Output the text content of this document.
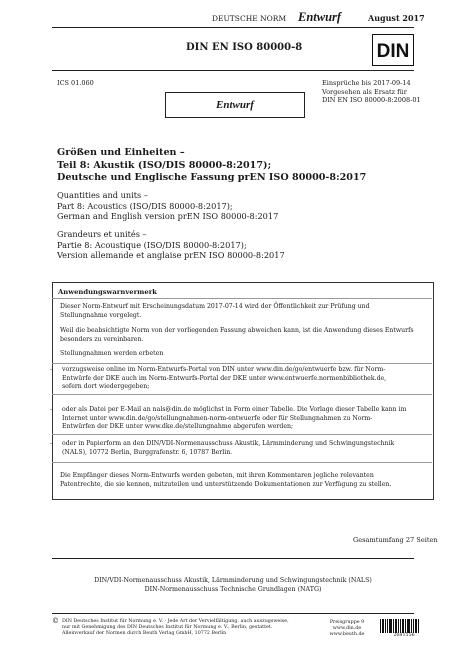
DEUTSCHE NORM Entwurf	August 2017
DIN EN ISO 80000-8	DIN
ICS 01.060	Einsprüche bis 2017-09-14
Vorgesehen als Ersatz für
DIN EN ISO 80000-8:2008-01
Entwurf
Größen und Einheiten –
Teil 8: Akustik (ISO/DIS 80000-8:2017);
Deutsche und Englische Fassung prEN ISO 80000-8:2017
Quantities and units –
Part 8: Acoustics (ISO/DIS 80000-8:2017);
German and English version prEN ISO 80000-8:2017
Grandeurs et unités –
Partie 8: Acoustique (ISO/DIS 80000-8:2017);
Version allemande et anglaise prEN ISO 80000-8:2017
Anwendungswarnvermerk
Dieser Norm-Entwurf mit Erscheinungsdatum 2017-07-14 wird der Öffentlichkeit zur Prüfung und
Stellungnahme vorgelegt.
Weil die beabsichtigte Norm von der vorliegenden Fassung abweichen kann, ist die Anwendung dieses Entwurfs
besonders zu vereinbaren.
Stellungnahmen werden erbeten
– vorzugsweise online im Norm-Entwurfs-Portal von DIN unter www.din.de/go/entwuerfe bzw. für Norm-
Entwürfe der DKE auch im Norm-Entwurfs-Portal der DKE unter www.entwuerfe.normenbibliothek.de,
sofern dort wiedergegeben;
– oder als Datei per E-Mail an nals@din.de möglichst in Form einer Tabelle. Die Vorlage dieser Tabelle kann im
Internet unter www.din.de/go/stellungnahmen-norm-entwuerfe oder für Stellungnahmen zu Norm-
Entwürfen der DKE unter www.dke.de/stellungnahme abgerufen werden;
– oder in Papierform an den DIN/VDI-Normenausschuss Akustik, Lärmminderung und Schwingungstechnik
(NALS), 10772 Berlin, Burggrafenstr. 6, 10787 Berlin.
Die Empfänger dieses Norm-Entwurfs werden gebeten, mit ihren Kommentaren jegliche relevanten
Patentrechte, die sie kennen, mitzuteilen und unterstützende Dokumentationen zur Verfügung zu stellen.
Gesamtumfang 27 Seiten
DIN/VDI-Normenausschuss Akustik, Lärmminderung und Schwingungstechnik (NALS)
DIN-Normenausschuss Technische Grundlagen (NATG)
© DIN Deutsches Institut für Normung e. V. · Jede Art der Vervielfältigung, auch auszugsweise,
nur mit Genehmigung des DIN Deutsches Institut für Normung e. V., Berlin, gestattet.
Alleinverkauf der Normen durch Beuth Verlag GmbH, 10772 Berlin
Preisgruppe 9
www.din.de
www.beuth.de	2681556
